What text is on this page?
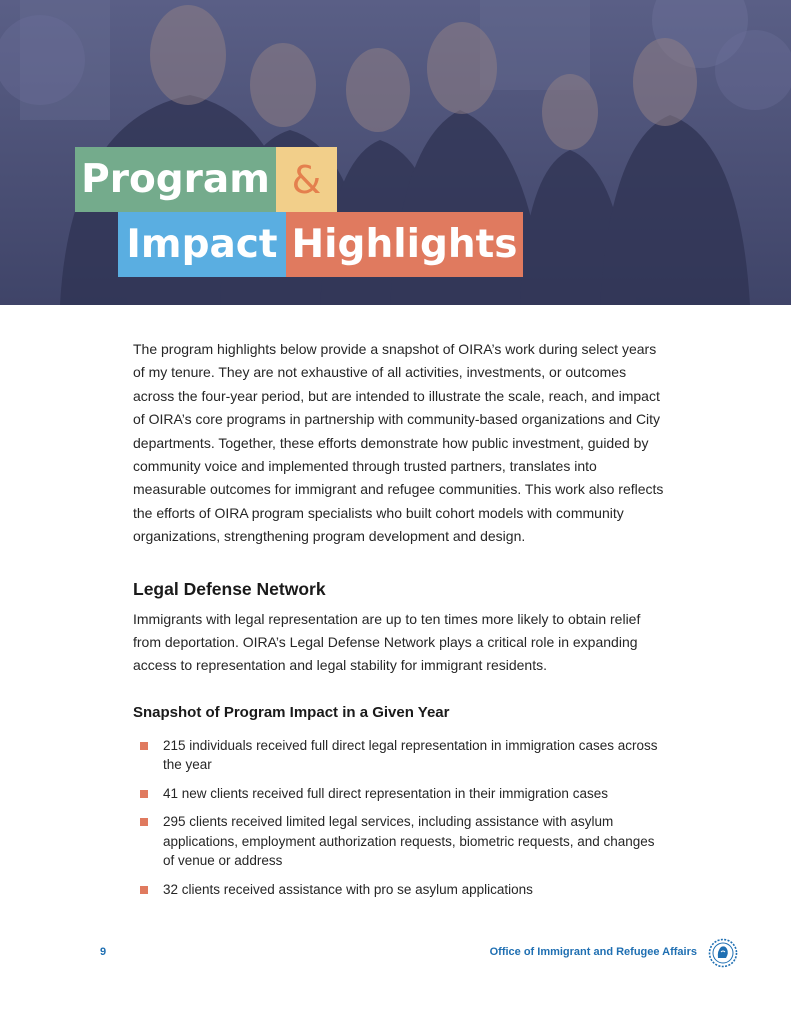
Program &
Impact Highlights

The program highlights below provide a snapshot of OIRA’s work during select years of my tenure. They are not exhaustive of all activities, investments, or outcomes across the four-year period, but are intended to illustrate the scale, reach, and impact of OIRA’s core programs in partnership with community-based organizations and City departments. Together, these efforts demonstrate how public investment, guided by community voice and implemented through trusted partners, translates into measurable outcomes for immigrant and refugee communities. This work also reflects the efforts of OIRA program specialists who built cohort models with community organizations, strengthening program development and design.

Legal Defense Network

Immigrants with legal representation are up to ten times more likely to obtain relief from deportation. OIRA’s Legal Defense Network plays a critical role in expanding access to representation and legal stability for immigrant residents.

Snapshot of Program Impact in a Given Year
215 individuals received full direct legal representation in immigration cases across the year
41 new clients received full direct representation in their immigration cases
295 clients received limited legal services, including assistance with asylum applications, employment authorization requests, biometric requests, and changes of venue or address
32 clients received assistance with pro se asylum applications
9	Office of Immigrant and Refugee Affairs
